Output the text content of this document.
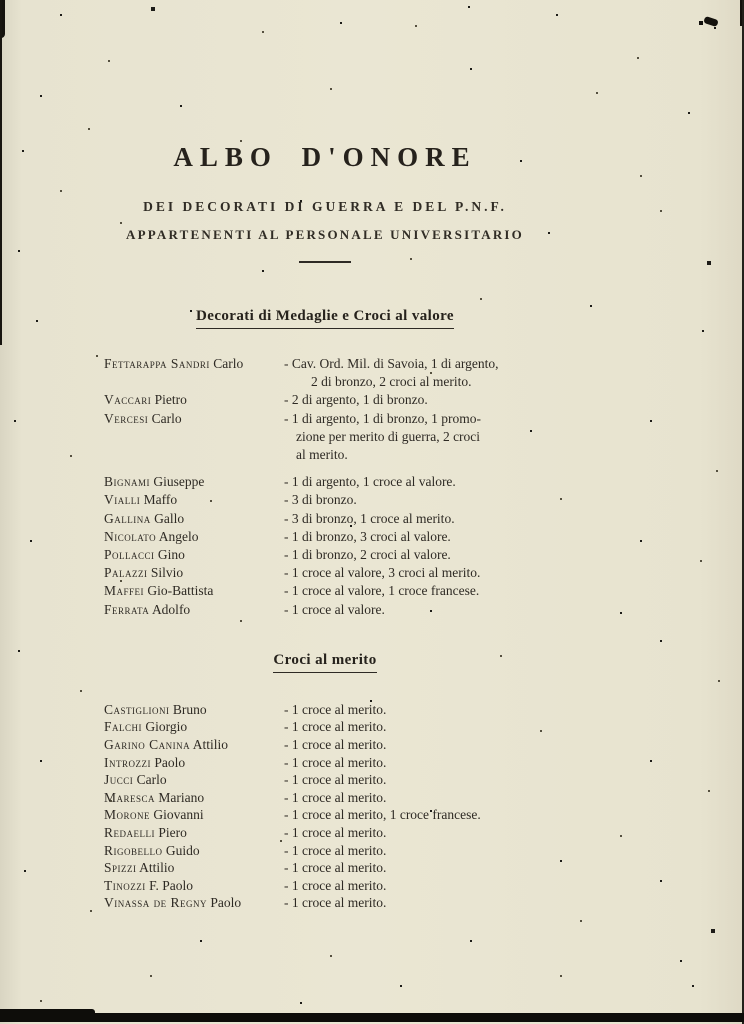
ALBO D'ONORE
DEI DECORATI DI GUERRA E DEL P.N.F.
APPARTENENTI AL PERSONALE UNIVERSITARIO
Decorati di Medaglie e Croci al valore
Fettarappa Sandri Carlo	- Cav. Ord. Mil. di Savoia, 1 di argento,
2 di bronzo, 2 croci al merito.
Vaccari Pietro	- 2 di argento, 1 di bronzo.
Vercesi Carlo	- 1 di argento, 1 di bronzo, 1 promo-
zione per merito di guerra, 2 croci
al merito.
Bignami Giuseppe	- 1 di argento, 1 croce al valore.
Vialli Maffo	- 3 di bronzo.
Gallina Gallo	- 3 di bronzo, 1 croce al merito.
Nicolato Angelo	- 1 di bronzo, 3 croci al valore.
Pollacci Gino	- 1 di bronzo, 2 croci al valore.
Palazzi Silvio	- 1 croce al valore, 3 croci al merito.
Maffei Gio-Battista	- 1 croce al valore, 1 croce francese.
Ferrata Adolfo	- 1 croce al valore.
Croci al merito
Castiglioni Bruno	- 1 croce al merito.
Falchi Giorgio	- 1 croce al merito.
Garino Canina Attilio	- 1 croce al merito.
Introzzi Paolo	- 1 croce al merito.
Jucci Carlo	- 1 croce al merito.
Maresca Mariano	- 1 croce al merito.
Morone Giovanni	- 1 croce al merito, 1 croce francese.
Redaelli Piero	- 1 croce al merito.
Rigobello Guido	- 1 croce al merito.
Spizzi Attilio	- 1 croce al merito.
Tinozzi F. Paolo	- 1 croce al merito.
Vinassa de Regny Paolo	- 1 croce al merito.
